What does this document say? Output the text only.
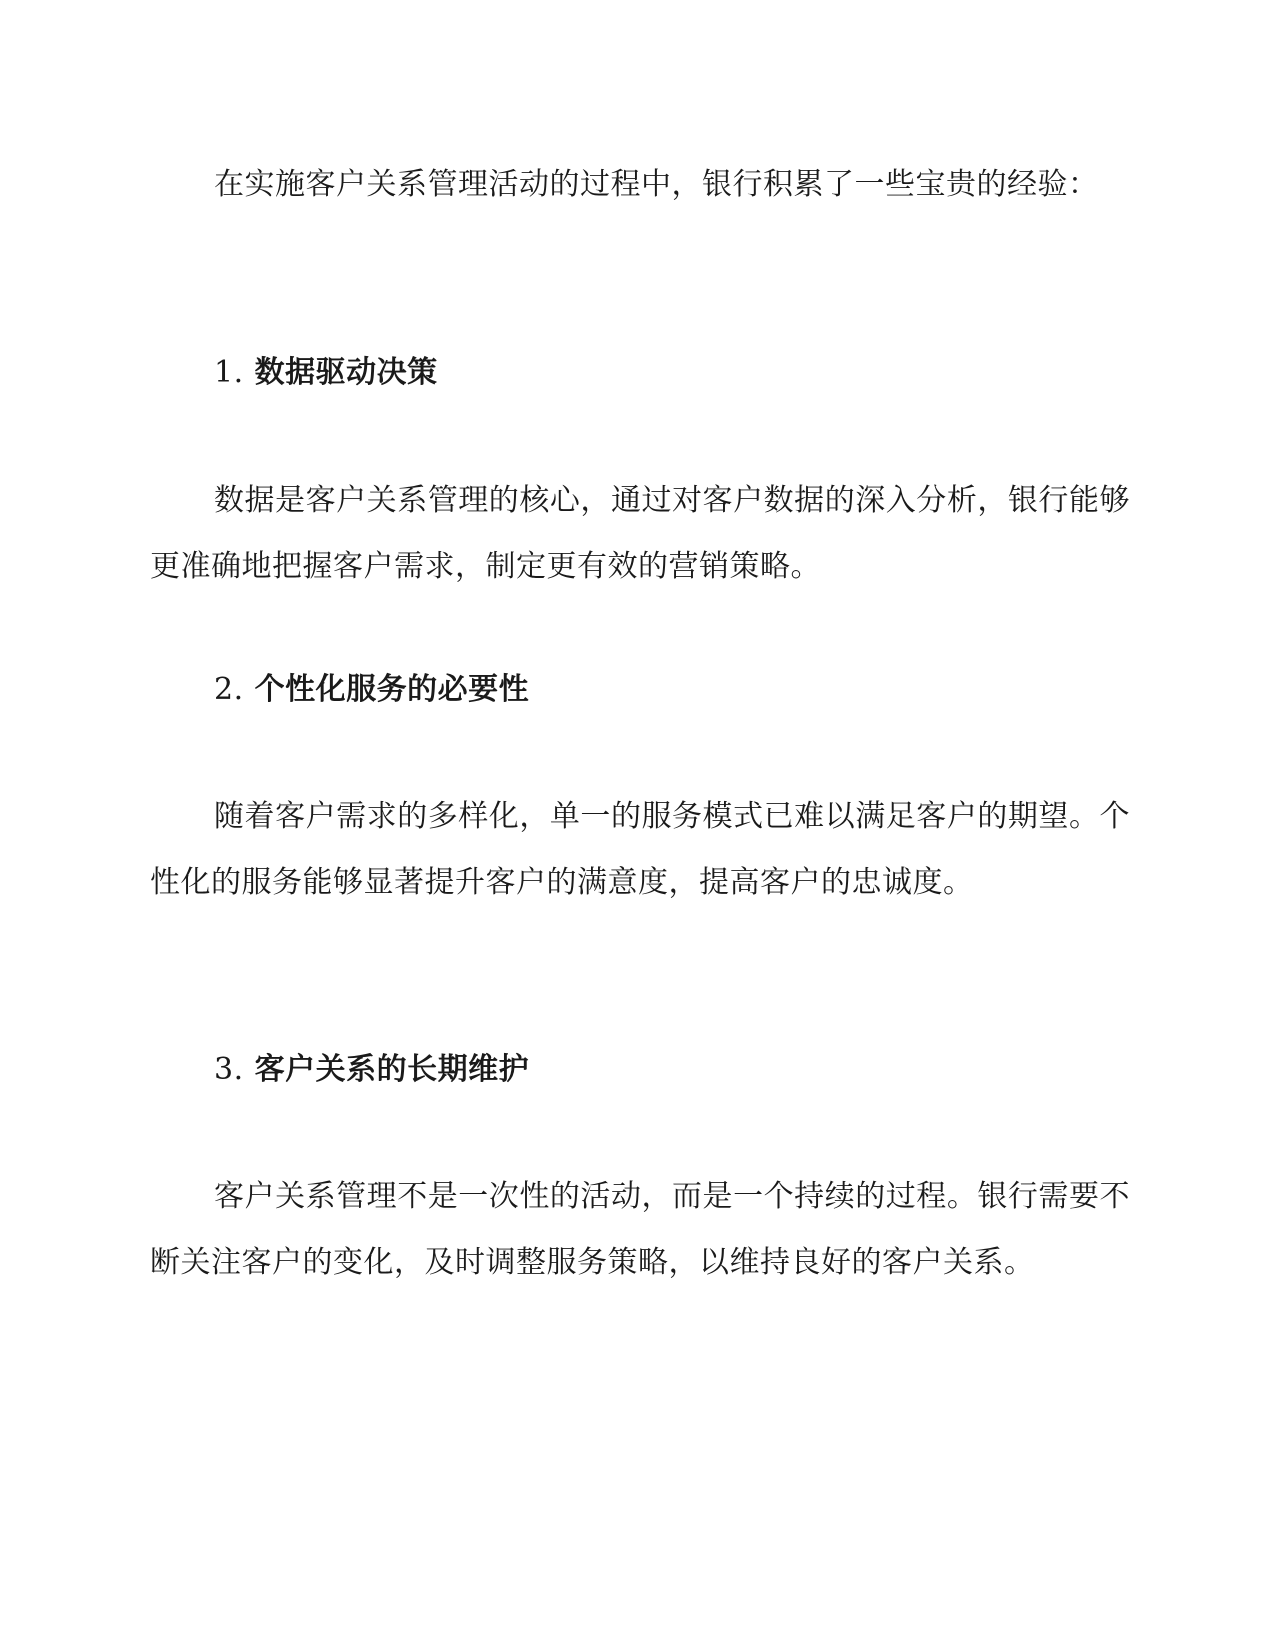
在实施客户关系管理活动的过程中，银行积累了一些宝贵的经验：

1. 数据驱动决策

数据是客户关系管理的核心，通过对客户数据的深入分析，银行能够更准确地把握客户需求，制定更有效的营销策略。

2. 个性化服务的必要性

随着客户需求的多样化，单一的服务模式已难以满足客户的期望。个性化的服务能够显著提升客户的满意度，提高客户的忠诚度。

3. 客户关系的长期维护

客户关系管理不是一次性的活动，而是一个持续的过程。银行需要不断关注客户的变化，及时调整服务策略，以维持良好的客户关系。
